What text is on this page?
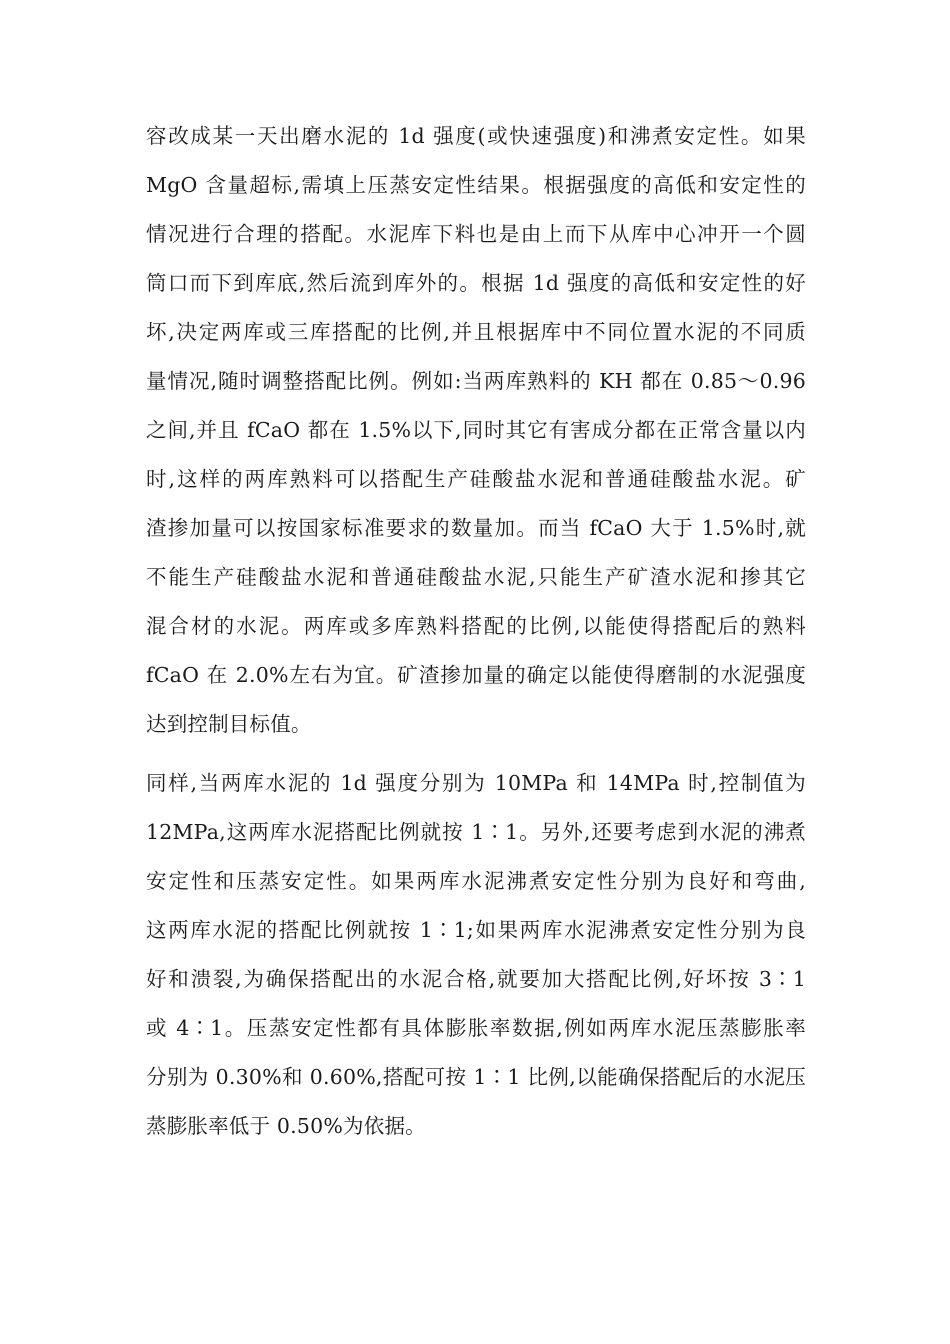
容改成某一天出磨水泥的 1d 强度(或快速强度)和沸煮安定性。如果
MgO 含量超标,需填上压蒸安定性结果。根据强度的高低和安定性的
情况进行合理的搭配。水泥库下料也是由上而下从库中心冲开一个圆
筒口而下到库底,然后流到库外的。根据 1d 强度的高低和安定性的好
坏,决定两库或三库搭配的比例,并且根据库中不同位置水泥的不同质
量情况,随时调整搭配比例。例如:当两库熟料的 KH 都在 0.85～0.96
之间,并且 fCaO 都在 1.5%以下,同时其它有害成分都在正常含量以内
时,这样的两库熟料可以搭配生产硅酸盐水泥和普通硅酸盐水泥。矿
渣掺加量可以按国家标准要求的数量加。而当 fCaO 大于 1.5%时,就
不能生产硅酸盐水泥和普通硅酸盐水泥,只能生产矿渣水泥和掺其它
混合材的水泥。两库或多库熟料搭配的比例,以能使得搭配后的熟料
fCaO 在 2.0%左右为宜。矿渣掺加量的确定以能使得磨制的水泥强度
达到控制目标值。
同样,当两库水泥的 1d 强度分别为 10MPa 和 14MPa 时,控制值为
12MPa,这两库水泥搭配比例就按 1∶1。另外,还要考虑到水泥的沸煮
安定性和压蒸安定性。如果两库水泥沸煮安定性分别为良好和弯曲,
这两库水泥的搭配比例就按 1∶1;如果两库水泥沸煮安定性分别为良
好和溃裂,为确保搭配出的水泥合格,就要加大搭配比例,好坏按 3∶1
或 4∶1。压蒸安定性都有具体膨胀率数据,例如两库水泥压蒸膨胀率
分别为 0.30%和 0.60%,搭配可按 1∶1 比例,以能确保搭配后的水泥压
蒸膨胀率低于 0.50%为依据。
